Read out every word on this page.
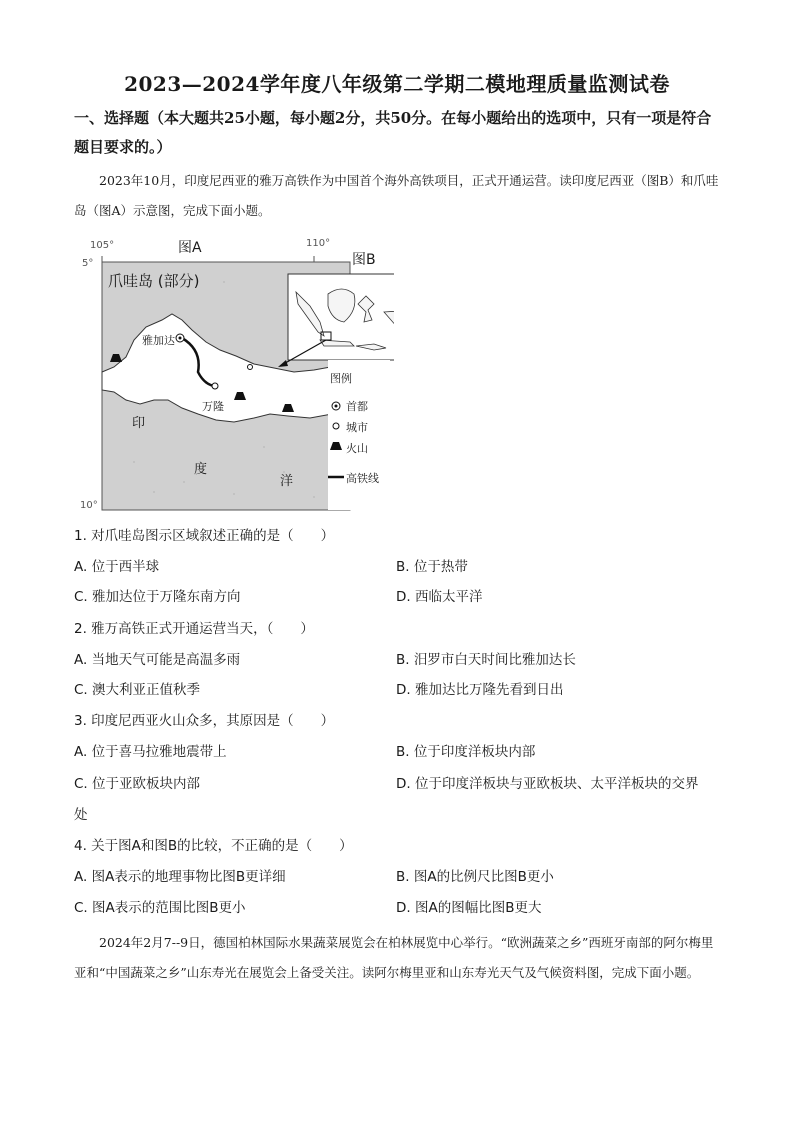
2023—2024学年度八年级第二学期二模地理质量监测试卷
一、选择题（本大题共25小题，每小题2分，共50分。在每小题给出的选项中，只有一项是符合题目要求的。）
2023年10月，印度尼西亚的雅万高铁作为中国首个海外高铁项目，正式开通运营。读印度尼西亚（图B）和爪哇岛（图A）示意图，完成下面小题。
图A
图B
105°	110°
5°
10°
爪哇岛 (部分)
雅加达
万隆
印
度
洋
图例
首都
城市
火山
高铁线
1. 对爪哇岛图示区域叙述正确的是（　　）
A. 位于西半球	B. 位于热带
C. 雅加达位于万隆东南方向	D. 西临太平洋
2. 雅万高铁正式开通运营当天，（　　）
A. 当地天气可能是高温多雨	B. 汨罗市白天时间比雅加达长
C. 澳大利亚正值秋季	D. 雅加达比万隆先看到日出
3. 印度尼西亚火山众多，其原因是（　　）
A. 位于喜马拉雅地震带上	B. 位于印度洋板块内部
C. 位于亚欧板块内部	D. 位于印度洋板块与亚欧板块、太平洋板块的交界
处
4. 关于图A和图B的比较，不正确的是（　　）
A. 图A表示的地理事物比图B更详细	B. 图A的比例尺比图B更小
C. 图A表示的范围比图B更小	D. 图A的图幅比图B更大
2024年2月7--9日，德国柏林国际水果蔬菜展览会在柏林展览中心举行。“欧洲蔬菜之乡”西班牙南部的阿尔梅里亚和“中国蔬菜之乡”山东寿光在展览会上备受关注。读阿尔梅里亚和山东寿光天气及气候资料图，完成下面小题。
